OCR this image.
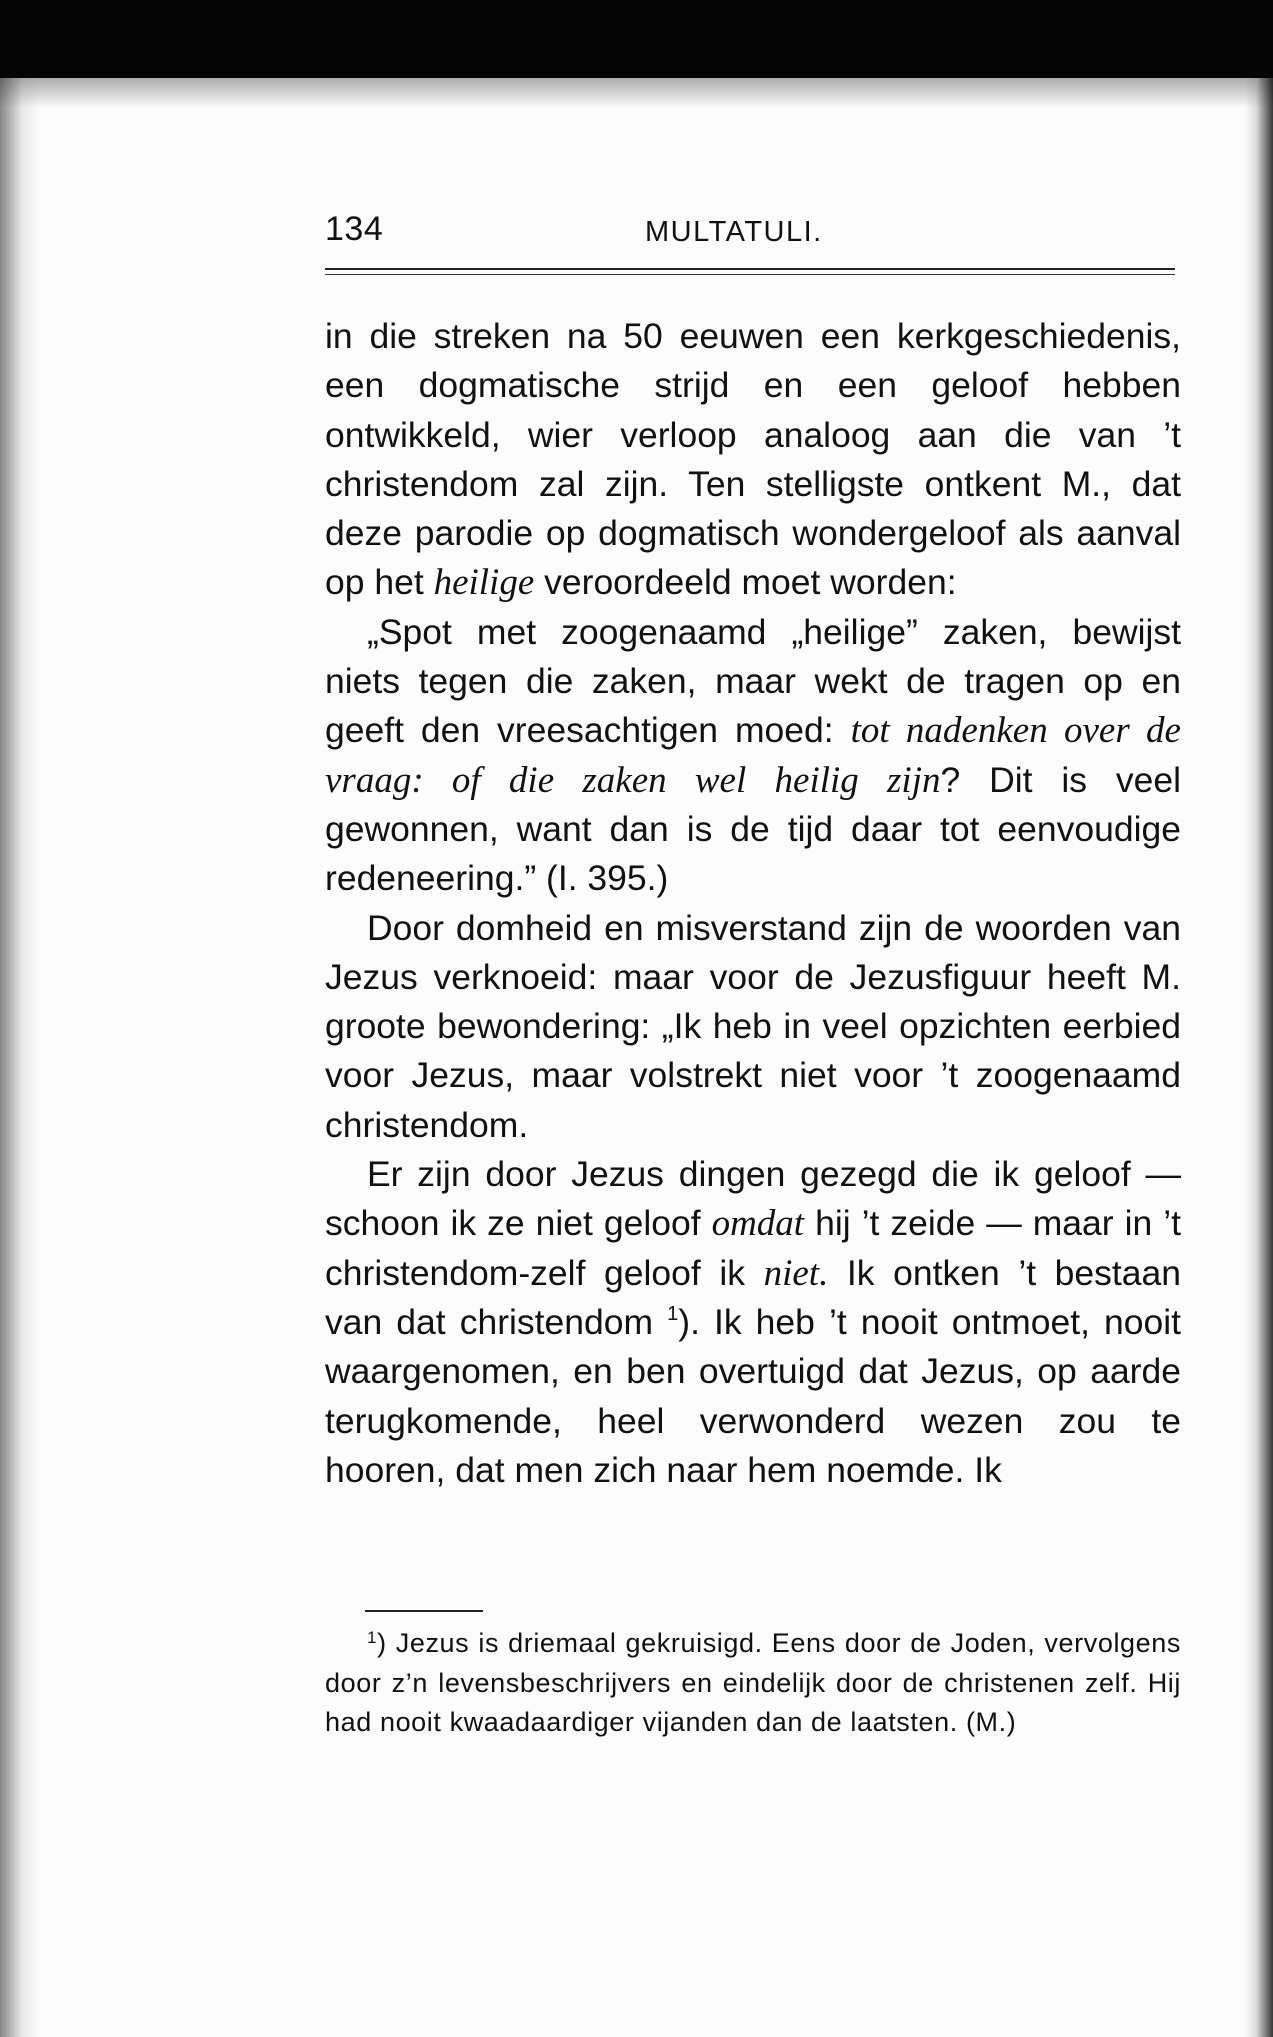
134	MULTATULI.

in die streken na 50 eeuwen een kerkgeschiedenis, een dogmatische strijd en een geloof hebben ontwikkeld, wier verloop analoog aan die van ’t christendom zal zijn. Ten stelligste ontkent M., dat deze parodie op dogmatisch wondergeloof als aanval op het heilige veroordeeld moet worden:

„Spot met zoogenaamd „heilige” zaken, bewijst niets tegen die zaken, maar wekt de tragen op en geeft den vreesachtigen moed: tot nadenken over de vraag: of die zaken wel heilig zijn? Dit is veel gewonnen, want dan is de tijd daar tot eenvoudige redeneering.” (I. 395.)

Door domheid en misverstand zijn de woorden van Jezus verknoeid: maar voor de Jezusfiguur heeft M. groote bewondering: „Ik heb in veel opzichten eerbied voor Jezus, maar volstrekt niet voor ’t zoogenaamd christendom.

Er zijn door Jezus dingen gezegd die ik geloof — schoon ik ze niet geloof omdat hij ’t zeide — maar in ’t christendom-zelf geloof ik niet. Ik ontken ’t bestaan van dat christendom $^1$). Ik heb ’t nooit ontmoet, nooit waargenomen, en ben overtuigd dat Jezus, op aarde terugkomende, heel verwonderd wezen zou te hooren, dat men zich naar hem noemde. Ik

$^1$) Jezus is driemaal gekruisigd. Eens door de Joden, vervolgens door z’n levensbeschrijvers en eindelijk door de christenen zelf. Hij had nooit kwaadaardiger vijanden dan de laatsten. (M.)
